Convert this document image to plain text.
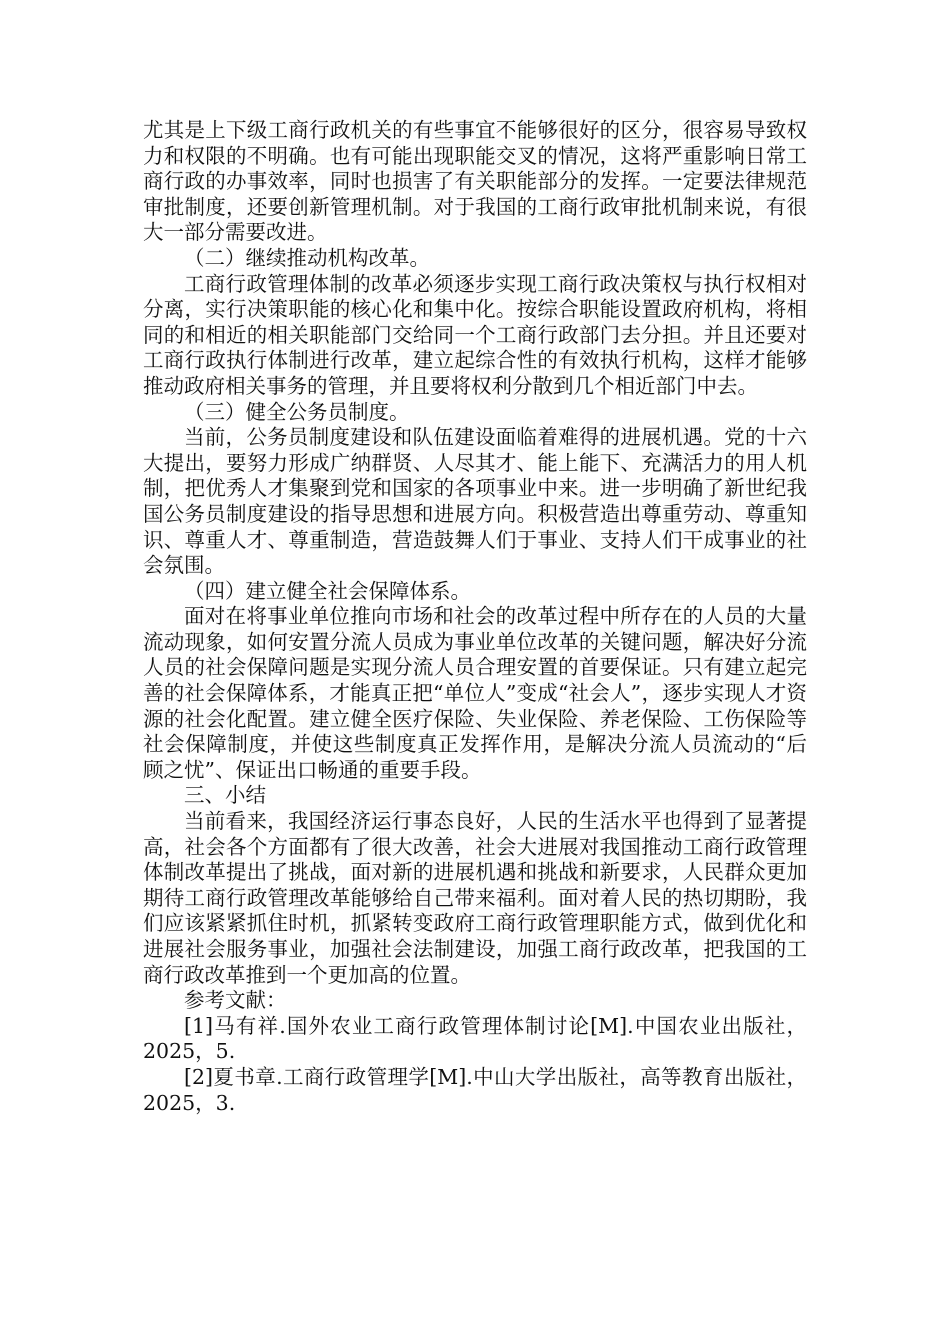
尤其是上下级工商行政机关的有些事宜不能够很好的区分，很容易导致权力和权限的不明确。也有可能出现职能交叉的情况，这将严重影响日常工商行政的办事效率，同时也损害了有关职能部分的发挥。一定要法律规范审批制度，还要创新管理机制。对于我国的工商行政审批机制来说，有很大一部分需要改进。

（二）继续推动机构改革。

工商行政管理体制的改革必须逐步实现工商行政决策权与执行权相对分离，实行决策职能的核心化和集中化。按综合职能设置政府机构，将相同的和相近的相关职能部门交给同一个工商行政部门去分担。并且还要对工商行政执行体制进行改革，建立起综合性的有效执行机构，这样才能够推动政府相关事务的管理，并且要将权利分散到几个相近部门中去。

（三）健全公务员制度。

当前，公务员制度建设和队伍建设面临着难得的进展机遇。党的十六大提出，要努力形成广纳群贤、人尽其才、能上能下、充满活力的用人机制，把优秀人才集聚到党和国家的各项事业中来。进一步明确了新世纪我国公务员制度建设的指导思想和进展方向。积极营造出尊重劳动、尊重知识、尊重人才、尊重制造，营造鼓舞人们于事业、支持人们干成事业的社会氛围。

（四）建立健全社会保障体系。

面对在将事业单位推向市场和社会的改革过程中所存在的人员的大量流动现象，如何安置分流人员成为事业单位改革的关键问题，解决好分流人员的社会保障问题是实现分流人员合理安置的首要保证。只有建立起完善的社会保障体系，才能真正把“单位人”变成“社会人”，逐步实现人才资源的社会化配置。建立健全医疗保险、失业保险、养老保险、工伤保险等社会保障制度，并使这些制度真正发挥作用，是解决分流人员流动的“后顾之忧”、保证出口畅通的重要手段。

三、小结

当前看来，我国经济运行事态良好，人民的生活水平也得到了显著提高，社会各个方面都有了很大改善，社会大进展对我国推动工商行政管理体制改革提出了挑战，面对新的进展机遇和挑战和新要求，人民群众更加期待工商行政管理改革能够给自己带来福利。面对着人民的热切期盼，我们应该紧紧抓住时机，抓紧转变政府工商行政管理职能方式，做到优化和进展社会服务事业，加强社会法制建设，加强工商行政改革，把我国的工商行政改革推到一个更加高的位置。

参考文献：

[1]马有祥.国外农业工商行政管理体制讨论[M].中国农业出版社，2025，5.

[2]夏书章.工商行政管理学[M].中山大学出版社，高等教育出版社，2025，3.
